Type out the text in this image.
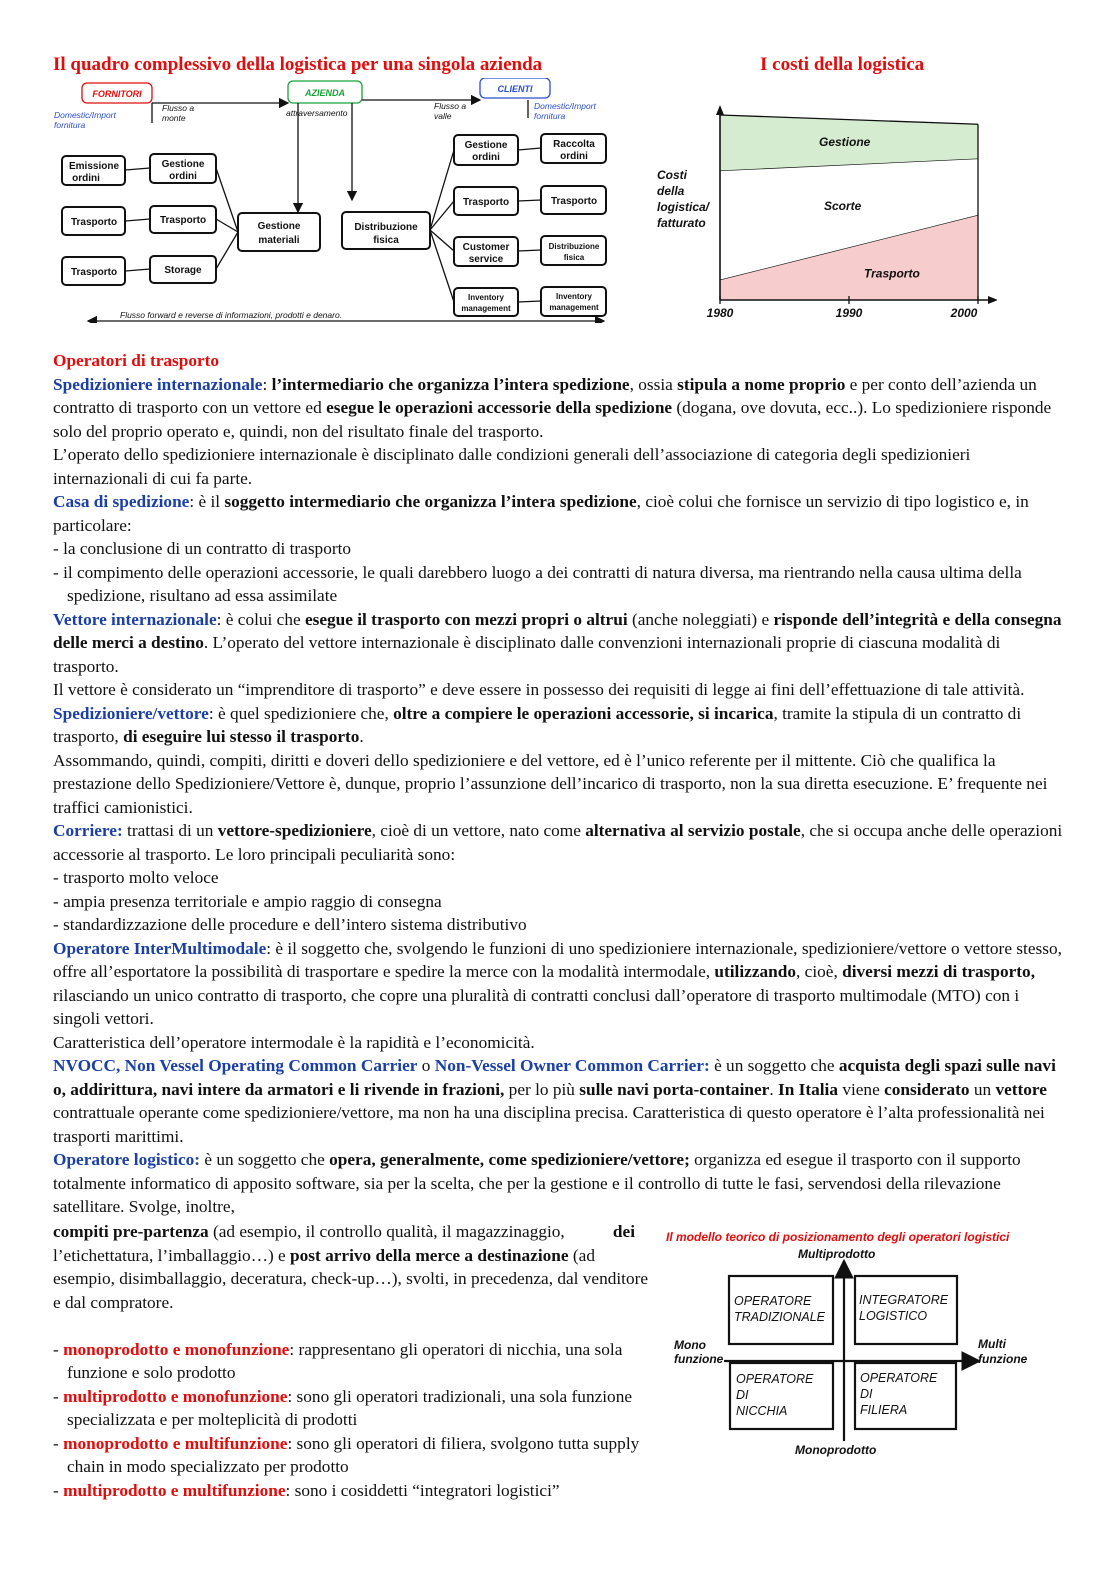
Il quadro complessivo della logistica per una singola azienda	I costi della logistica
FORNITORI	AZIENDA	CLIENTI
Domestic/Import
fornitura
Domestic/Import
fornitura
Flusso a
monte	attraversamento
Flusso a
valle
Flusso forward e reverse di informazioni, prodotti e denaro.
Emissione
ordini
Trasporto
Trasporto
Gestione
ordini
Trasporto
Storage
Gestione
materiali
Distribuzione
fisica
Gestione
ordini
Trasporto
Customer
service
Raccolta
ordini
Trasporto
Inventory
management
Distribuzione
fisica
Inventory
management
Trasporto
Scorte
Gestione
1980	1990	2000
Costi
della
logistica/
fatturato

Operatori di trasporto

Spedizioniere internazionale: l’intermediario che organizza l’intera spedizione, ossia stipula a nome proprio e per conto dell’azienda un contratto di trasporto con un vettore ed esegue le operazioni accessorie della spedizione (dogana, ove dovuta, ecc..). Lo spedizioniere risponde solo del proprio operato e, quindi, non del risultato finale del trasporto.

L’operato dello spedizioniere internazionale è disciplinato dalle condizioni generali dell’associazione di categoria degli spedizionieri internazionali di cui fa parte.

Casa di spedizione: è il soggetto intermediario che organizza l’intera spedizione, cioè colui che fornisce un servizio di tipo logistico e, in particolare:

- la conclusione di un contratto di trasporto

- il compimento delle operazioni accessorie, le quali darebbero luogo a dei contratti di natura diversa, ma rientrando nella causa ultima della spedizione, risultano ad essa assimilate

Vettore internazionale: è colui che esegue il trasporto con mezzi propri o altrui (anche noleggiati) e risponde dell’integrità e della consegna delle merci a destino. L’operato del vettore internazionale è disciplinato dalle convenzioni internazionali proprie di ciascuna modalità di trasporto.

Il vettore è considerato un “imprenditore di trasporto” e deve essere in possesso dei requisiti di legge ai fini dell’effettuazione di tale attività.

Spedizioniere/vettore: è quel spedizioniere che, oltre a compiere le operazioni accessorie, si incarica, tramite la stipula di un contratto di trasporto, di eseguire lui stesso il trasporto.

Assommando, quindi, compiti, diritti e doveri dello spedizioniere e del vettore, ed è l’unico referente per il mittente. Ciò che qualifica la prestazione dello Spedizioniere/Vettore è, dunque, proprio l’assunzione dell’incarico di trasporto, non la sua diretta esecuzione. E’ frequente nei traffici camionistici.

Corriere: trattasi di un vettore-spedizioniere, cioè di un vettore, nato come alternativa al servizio postale, che si occupa anche delle operazioni accessorie al trasporto. Le loro principali peculiarità sono:

- trasporto molto veloce

- ampia presenza territoriale e ampio raggio di consegna

- standardizzazione delle procedure e dell’intero sistema distributivo

Operatore InterMultimodale: è il soggetto che, svolgendo le funzioni di uno spedizioniere internazionale, spedizioniere/vettore o vettore stesso, offre all’esportatore la possibilità di trasportare e spedire la merce con la modalità intermodale, utilizzando, cioè, diversi mezzi di trasporto, rilasciando un unico contratto di trasporto, che copre una pluralità di contratti conclusi dall’operatore di trasporto multimodale (MTO) con i singoli vettori.

Caratteristica dell’operatore intermodale è la rapidità e l’economicità.

NVOCC, Non Vessel Operating Common Carrier o Non-Vessel Owner Common Carrier: è un soggetto che acquista degli spazi sulle navi o, addirittura, navi intere da armatori e li rivende in frazioni, per lo più sulle navi porta-container. In Italia viene considerato un vettore contrattuale operante come spedizioniere/vettore, ma non ha una disciplina precisa. Caratteristica di questo operatore è l’alta professionalità nei trasporti marittimi.

Operatore logistico: è un soggetto che opera, generalmente, come spedizioniere/vettore; organizza ed esegue il trasporto con il supporto totalmente informatico di apposito software, sia per la scelta, che per la gestione e il controllo di tutte le fasi, servendosi della rilevazione satellitare. Svolge, inoltre,

dei

compiti pre-partenza (ad esempio, il controllo qualità, il magazzinaggio, l’etichettatura, l’imballaggio…) e post arrivo della merce a destinazione (ad esempio, disimballaggio, deceratura, check-up…), svolti, in precedenza, dal venditore e dal compratore.

- monoprodotto e monofunzione: rappresentano gli operatori di nicchia, una sola funzione e solo prodotto

- multiprodotto e monofunzione: sono gli operatori tradizionali, una sola funzione specializzata e per molteplicità di prodotti

- monoprodotto e multifunzione: sono gli operatori di filiera, svolgono tutta supply chain in modo specializzato per prodotto

- multiprodotto e multifunzione: sono i cosiddetti “integratori logistici”

Il modello teorico di posizionamento degli operatori logistici
Multiprodotto
Monoprodotto
Mono
funzione
Multi
funzione
OPERATORE
TRADIZIONALE
INTEGRATORE
LOGISTICO
OPERATORE
DI
NICCHIA
OPERATORE
DI
FILIERA
